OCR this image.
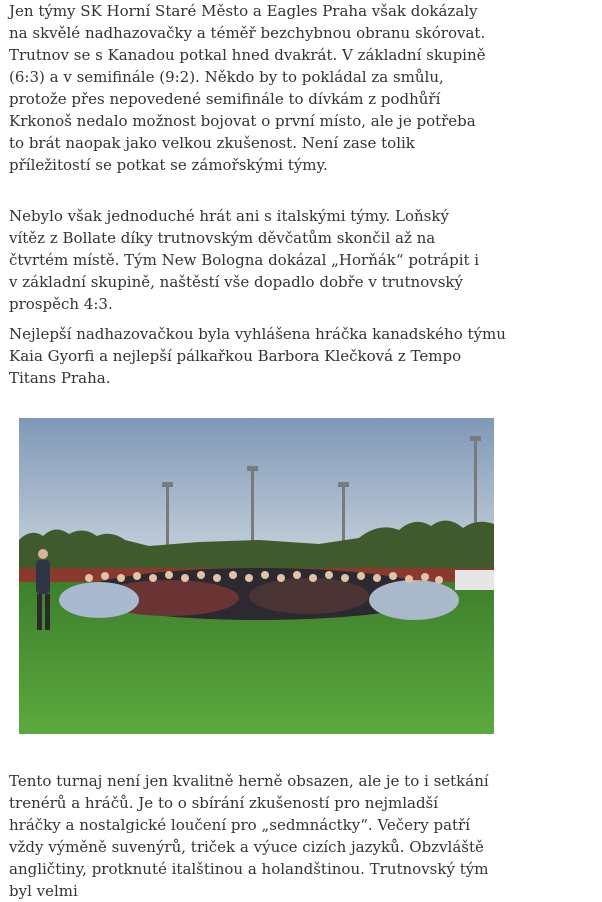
Jen týmy SK Horní Staré Město a Eagles Praha však dokázaly na skvělé nadhazovačky a téměř bezchybnou obranu skórovat. Trutnov se s Kanadou potkal hned dvakrát. V základní skupině (6:3) a v semifinále (9:2). Někdo by to pokládal za smůlu, protože přes nepovedené semifinále to dívkám z podhůří Krkonoš nedalo možnost bojovat o první místo, ale je potřeba to brát naopak jako velkou zkušenost. Není zase tolik příležitostí se potkat se zámořskými týmy.

Nebylo však jednoduché hrát ani s italskými týmy. Loňský vítěz z Bollate díky trutnovským děvčatům skončil až na čtvrtém místě. Tým New Bologna dokázal „Horňák“ potrápit i v základní skupině, naštěstí vše dopadlo dobře v trutnovský prospěch 4:3.

Nejlepší nadhazovačkou byla vyhlášena hráčka kanadského týmu Kaia Gyorfi a nejlepší pálkařkou Barbora Klečková z Tempo Titans Praha.

Tento turnaj není jen kvalitně herně obsazen, ale je to i setkání trenérů a hráčů. Je to o sbírání zkušeností pro nejmladší hráčky a nostalgické loučení pro „sedmnáctky“. Večery patří vždy výměně suvenýrů, triček a výuce cizích jazyků. Obzvláště angličtiny, protknuté italštinou a holandštinou. Trutnovský tým byl velmi
